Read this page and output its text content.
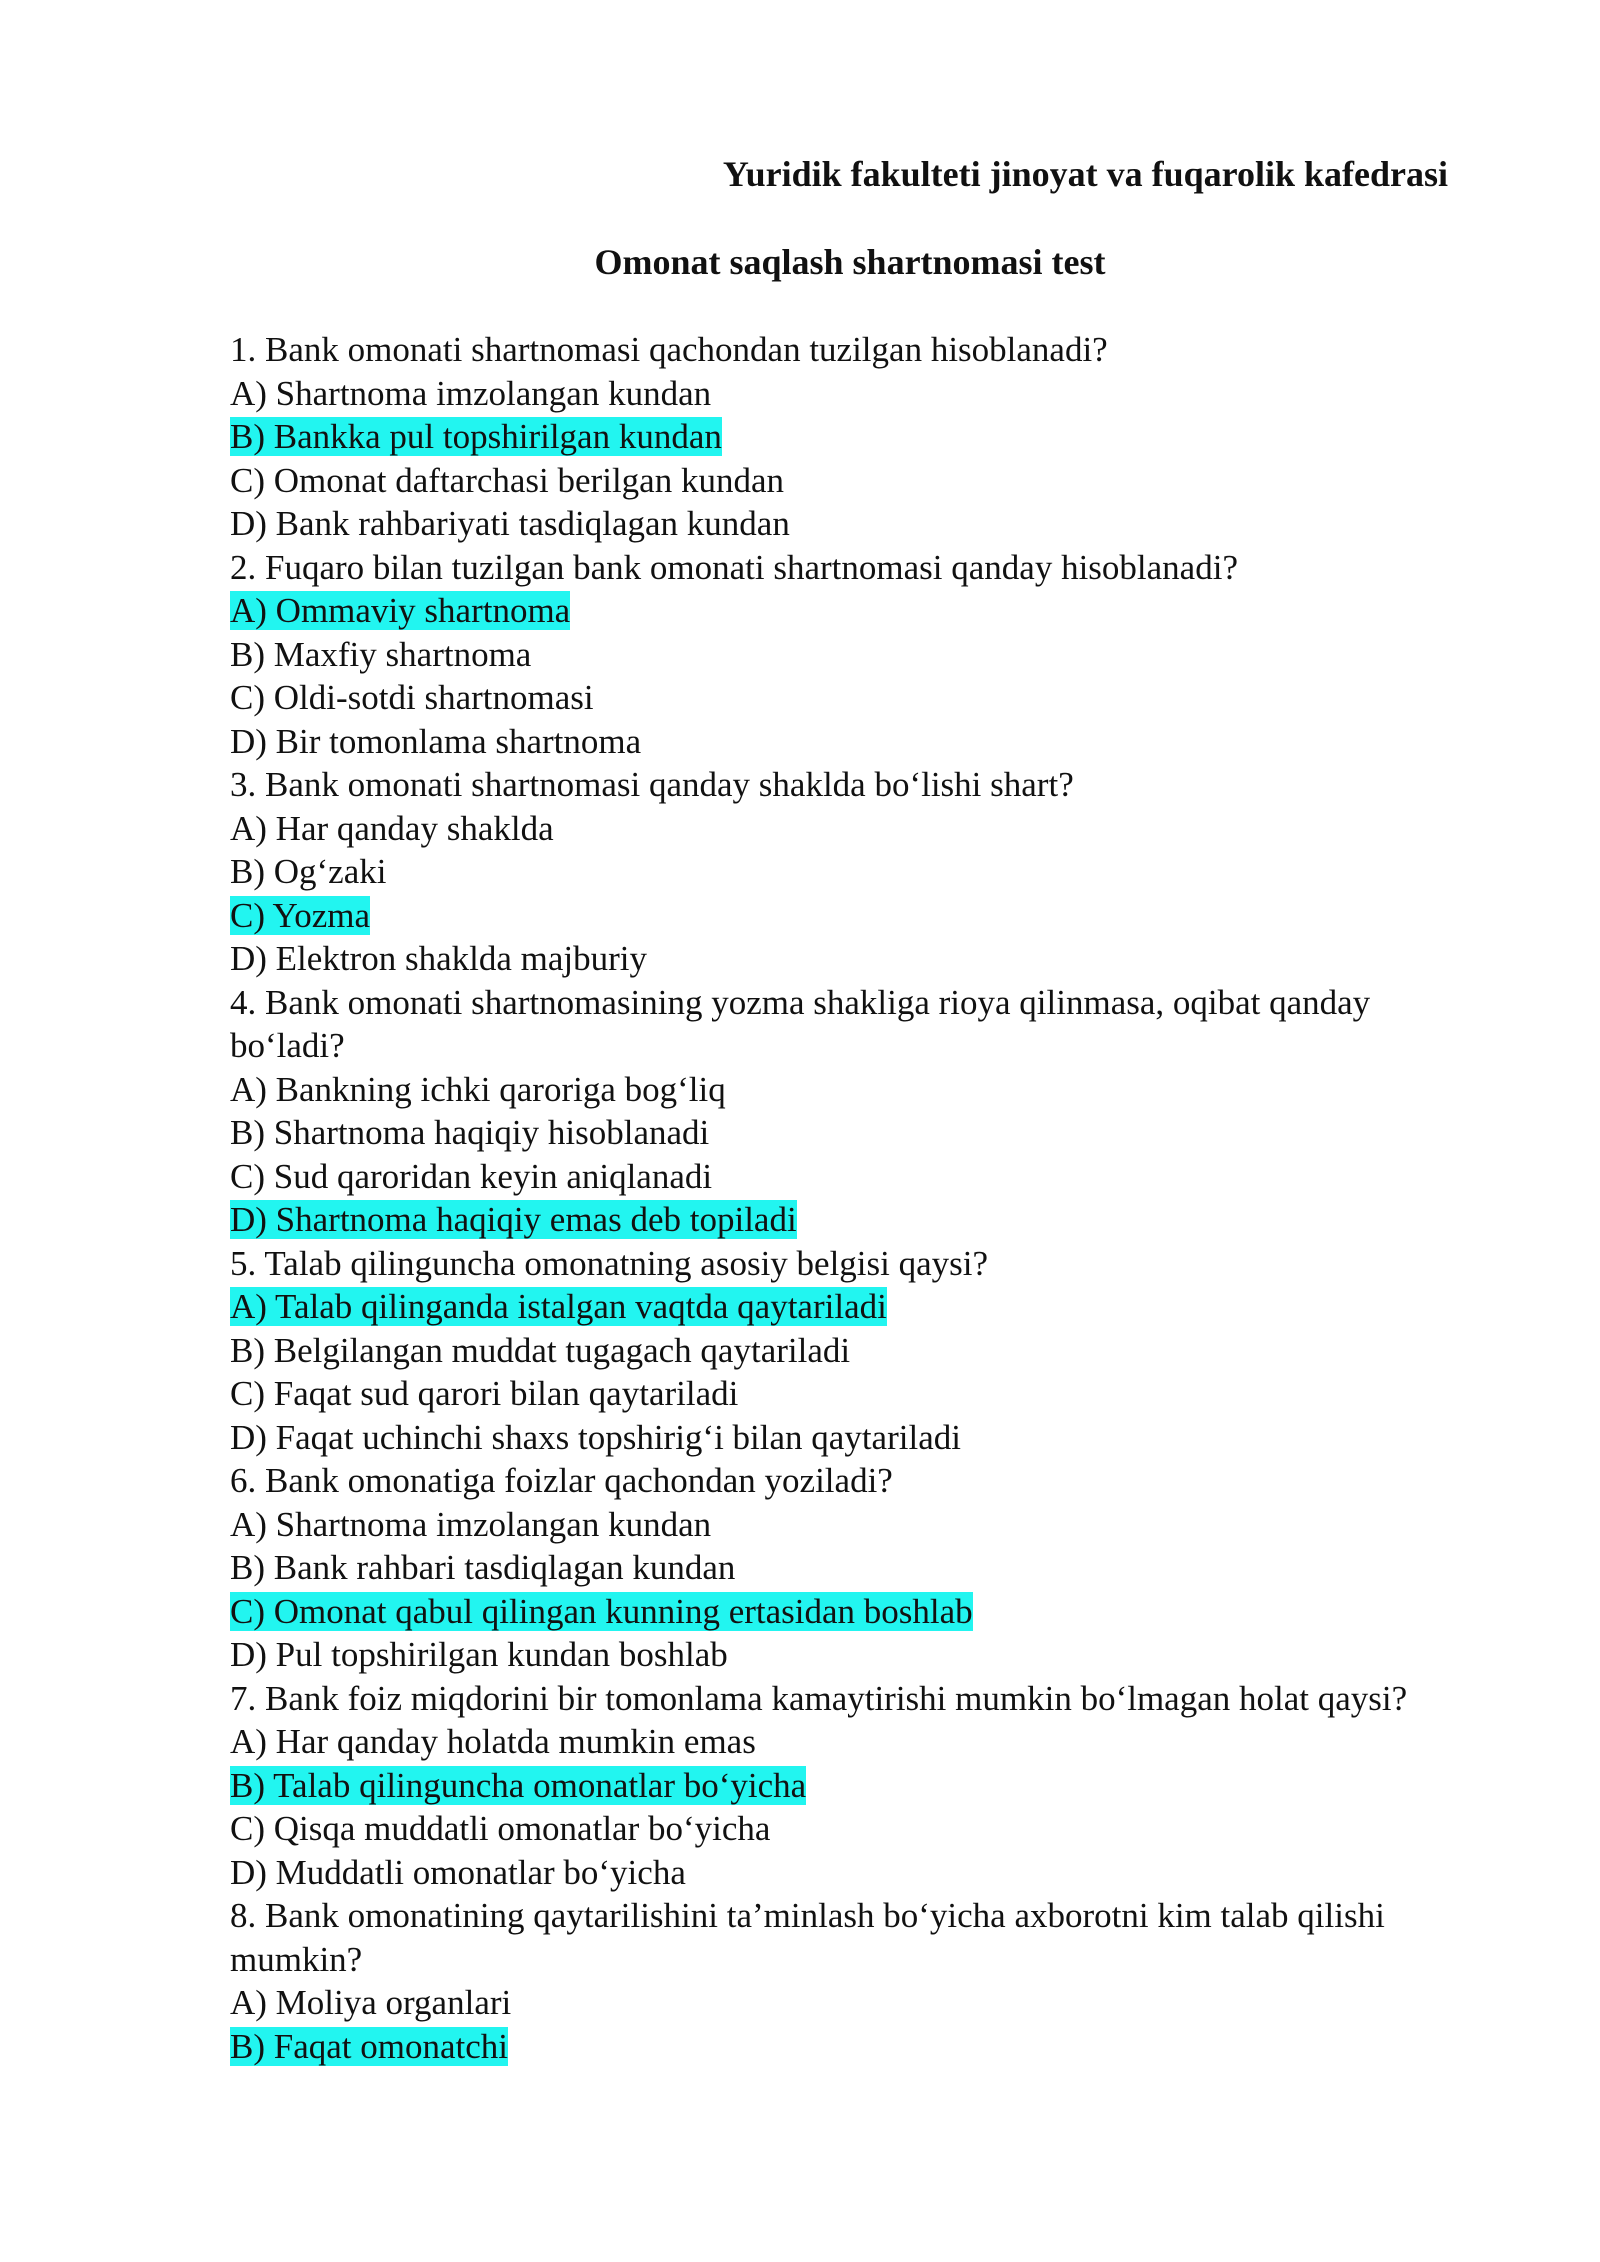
Yuridik fakulteti jinoyat va fuqarolik kafedrasi
Omonat saqlash shartnomasi test

1. Bank omonati shartnomasi qachondan tuzilgan hisoblanadi?

A) Shartnoma imzolangan kundan

B) Bankka pul topshirilgan kundan

C) Omonat daftarchasi berilgan kundan

D) Bank rahbariyati tasdiqlagan kundan

2. Fuqaro bilan tuzilgan bank omonati shartnomasi qanday hisoblanadi?

A) Ommaviy shartnoma

B) Maxfiy shartnoma

C) Oldi-sotdi shartnomasi

D) Bir tomonlama shartnoma

3. Bank omonati shartnomasi qanday shaklda bo‘lishi shart?

A) Har qanday shaklda

B) Og‘zaki

C) Yozma

D) Elektron shaklda majburiy

4. Bank omonati shartnomasining yozma shakliga rioya qilinmasa, oqibat qanday bo‘ladi?

A) Bankning ichki qaroriga bog‘liq

B) Shartnoma haqiqiy hisoblanadi

C) Sud qaroridan keyin aniqlanadi

D) Shartnoma haqiqiy emas deb topiladi

5. Talab qilinguncha omonatning asosiy belgisi qaysi?

A) Talab qilinganda istalgan vaqtda qaytariladi

B) Belgilangan muddat tugagach qaytariladi

C) Faqat sud qarori bilan qaytariladi

D) Faqat uchinchi shaxs topshirig‘i bilan qaytariladi

6. Bank omonatiga foizlar qachondan yoziladi?

A) Shartnoma imzolangan kundan

B) Bank rahbari tasdiqlagan kundan

C) Omonat qabul qilingan kunning ertasidan boshlab

D) Pul topshirilgan kundan boshlab

7. Bank foiz miqdorini bir tomonlama kamaytirishi mumkin bo‘lmagan holat qaysi?

A) Har qanday holatda mumkin emas

B) Talab qilinguncha omonatlar bo‘yicha

C) Qisqa muddatli omonatlar bo‘yicha

D) Muddatli omonatlar bo‘yicha

8. Bank omonatining qaytarilishini ta’minlash bo‘yicha axborotni kim talab qilishi mumkin?

A) Moliya organlari

B) Faqat omonatchi
